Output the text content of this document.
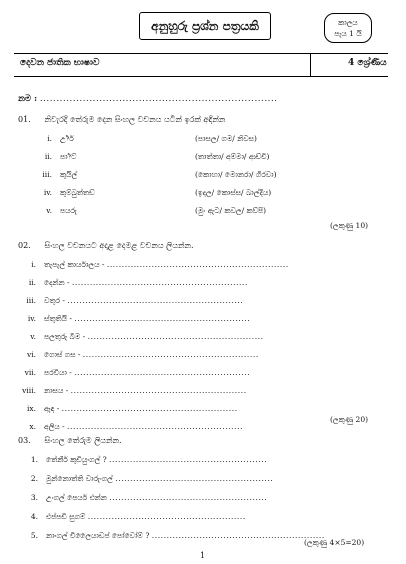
අනුහුරු ප්‍රශ්න පත්‍රයකි	කාලය
පැය 1 යි
දෙවන ජාතික භාෂාව	4 ශ්‍රේණිය
නම : ........................................................................
01. නිවැරදි තේරුම දෙන සිංහල වචනය යටින් ඉරක් අඳින්න
i. උ෦ර්	(පාසල/ ගම/ නිවස)
ii. පා෦ට්	(තාත්තා/ අම්මා/ ආච්චි)
iii. කුයිල්	(කොහා/ මොනරා/ ගිරවා)
iv. කුම්බුත්තඩ්	(ඉදල/ කොස්ස/ බාල්දිය)
v. පයරු	(මුං ඇට/ කවල/ කව්පි)
(ලකුණු 10)
02. සිංහල වචනයට අදාළ දෙමළ වචනය ලියන්න.
i. තැපැල් කාර්යාලය - .............................................................
ii. දෙන්න - ...........................................................
iii. වතුර - ...........................................................
iv. ස්තුතියි - ...........................................................
v. පලතුරු බීම - ...........................................................
vi. ගොස් ගස - ...........................................................
vii. පරවියා - ...........................................................
viii. නාසය - ...........................................................
ix. ඇඳ - ...........................................................
x. අලිය - ...........................................................
(ලකුණු 20)
03. සිංහල තේරුම ලියන්න.
1. තේනීර් කුඩියුංගල් ? .....................................................
2. මුන්නොත්ති වාරුංගල් .....................................................
3. උංගල් පෙයර් එන්න .....................................................
4. එප්පඩි සුගම් .....................................................
5. නාංගල් විලෛයාඩප් පෝවෝම් ? ..........................................................
(ලකුණු 4×5=20)
1
